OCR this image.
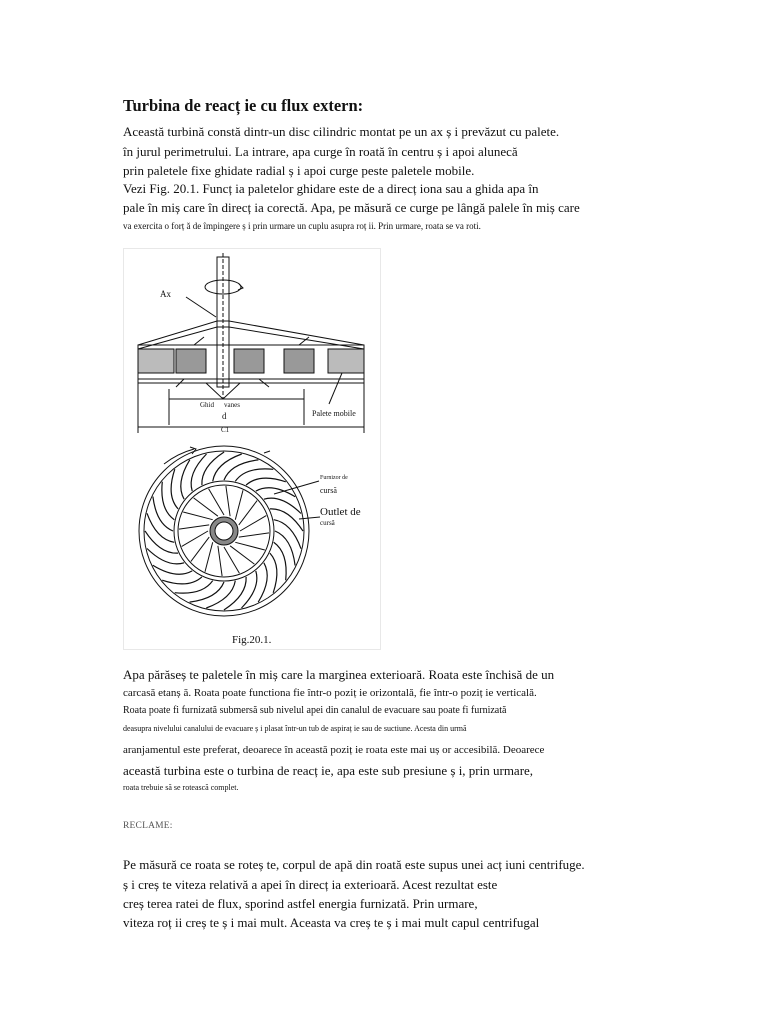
Turbina de reacț ie cu flux extern:
Această turbină constă dintr-un disc cilindric montat pe un ax ș i prevăzut cu palete.
în jurul perimetrului. La intrare, apa curge în roată în centru ș i apoi alunecă
prin paletele fixe ghidate radial ș i apoi curge peste paletele mobile.
Vezi Fig. 20.1. Funcț ia paletelor ghidare este de a direcț iona sau a ghida apa în
pale în miș care în direcț ia corectă. Apa, pe măsură ce curge pe lângă palele în miș care
va exercita o forț ă de împingere ș i prin urmare un cuplu asupra roț ii. Prin urmare, roata se va roti.
Ax
Ghid vanes
d
C1
Palete mobile
Furnizor de
cursă
Outlet de
cursă
Fig.20.1.
Apa părăseș te paletele în miș care la marginea exterioară. Roata este închisă de un
carcasă etanș ă. Roata poate functiona fie într-o poziț ie orizontală, fie într-o poziț ie verticală.
Roata poate fi furnizată submersă sub nivelul apei din canalul de evacuare sau poate fi furnizată
deasupra nivelului canalului de evacuare ș i plasat într-un tub de aspiraț ie sau de suctiune. Acesta din urmă
aranjamentul este preferat, deoarece în această poziț ie roata este mai uș or accesibilă. Deoarece
această turbina este o turbina de reacț ie, apa este sub presiune ș i, prin urmare,
roata trebuie să se rotească complet.
RECLAME:
Pe măsură ce roata se roteș te, corpul de apă din roată este supus unei acț iuni centrifuge.
ș i creș te viteza relativă a apei în direcț ia exterioară. Acest rezultat este
creș terea ratei de flux, sporind astfel energia furnizată. Prin urmare,
viteza roț ii creș te ș i mai mult. Aceasta va creș te ș i mai mult capul centrifugal
